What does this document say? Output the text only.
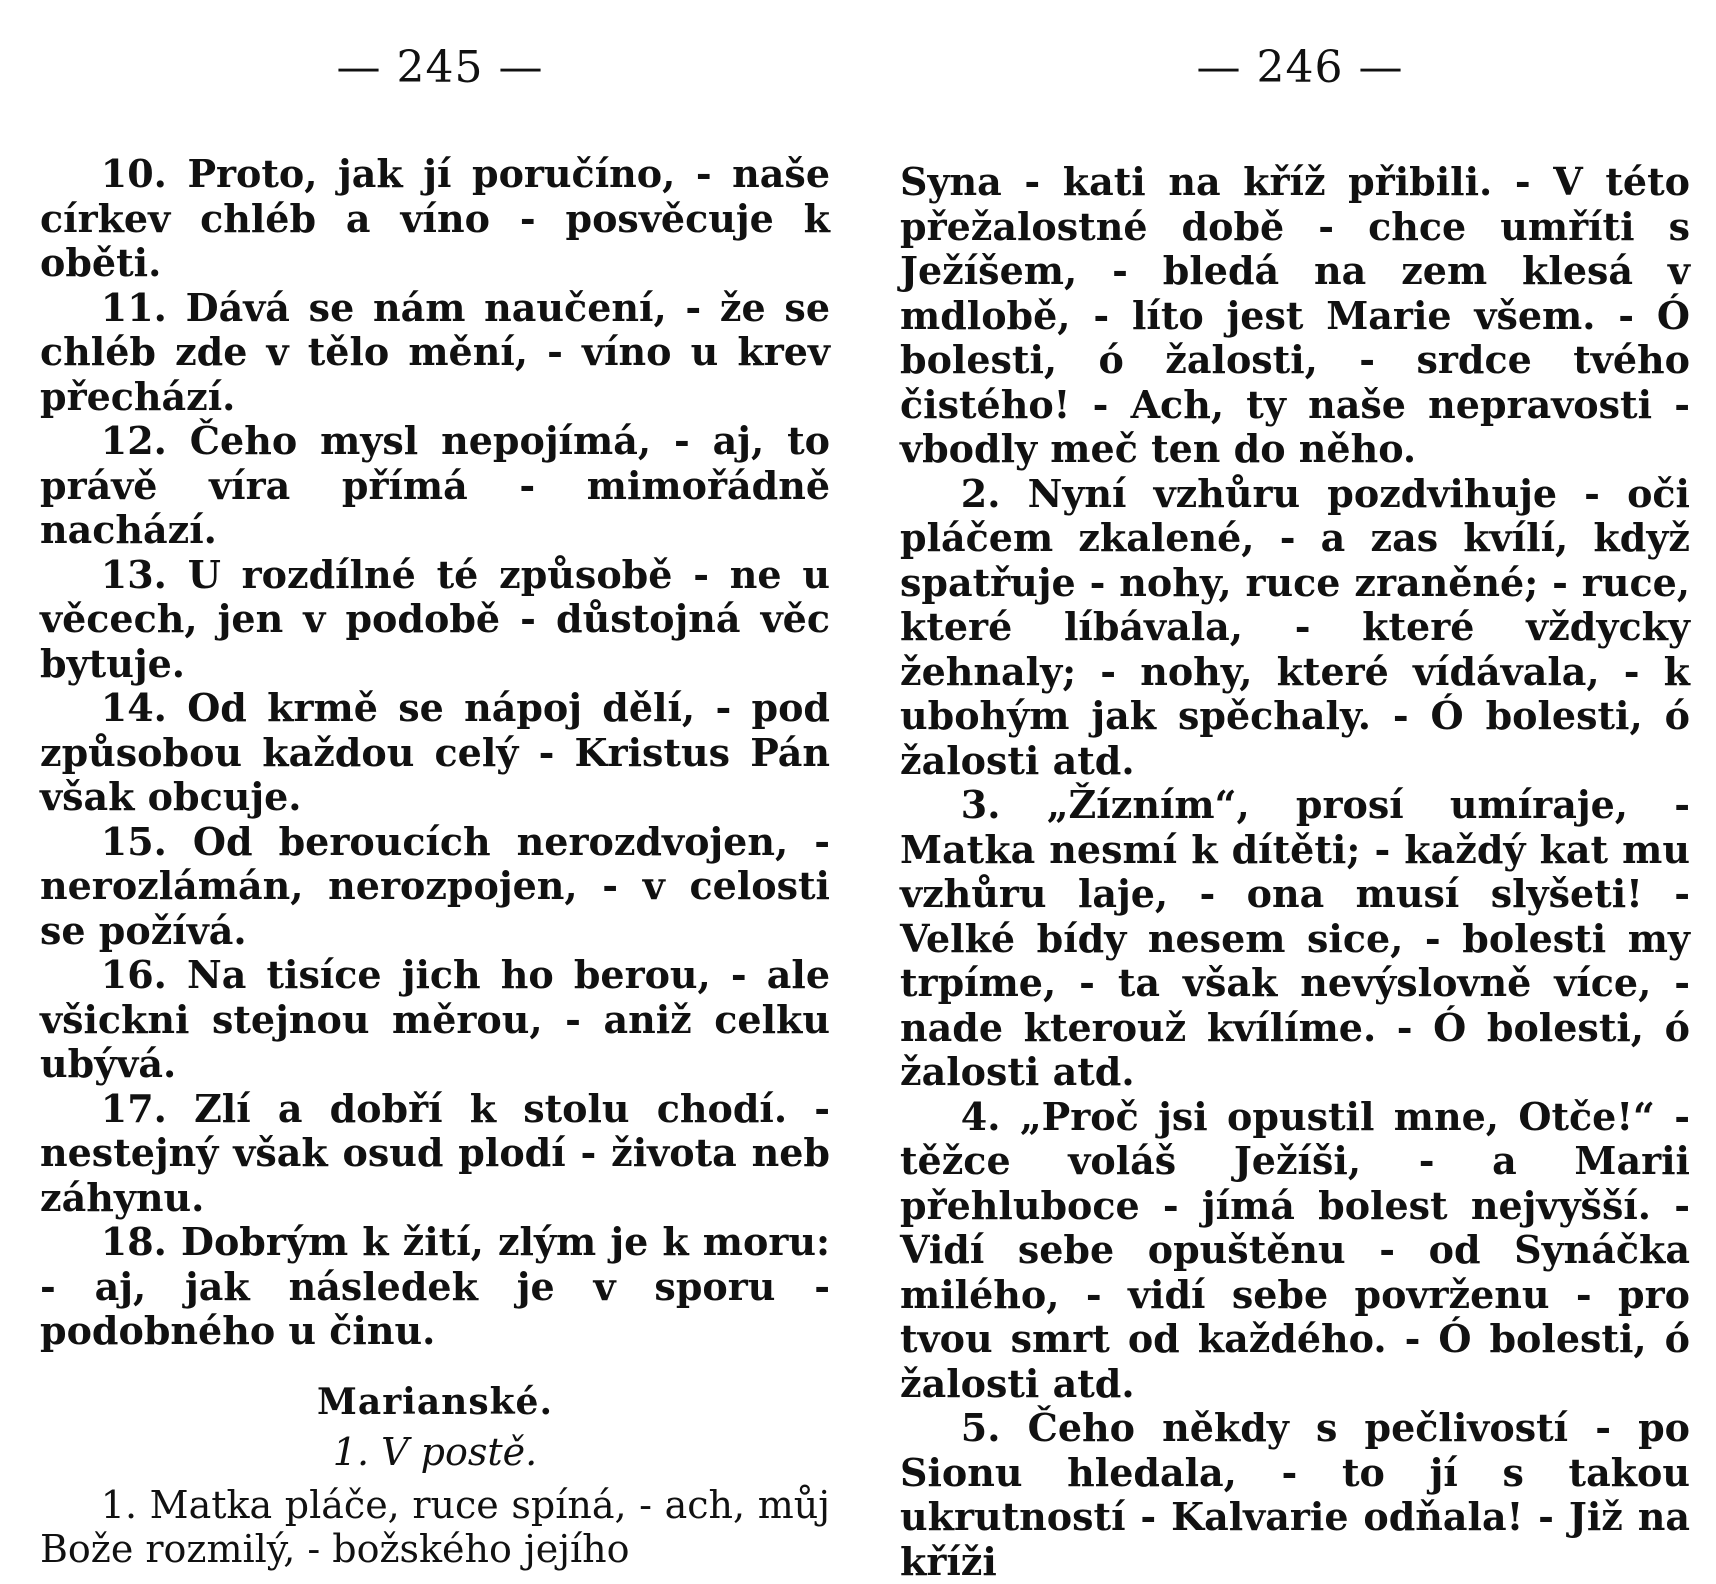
— 245 —

10. Proto, jak jí poručíno, - naše církev chléb a víno - posvěcuje k oběti.

11. Dává se nám naučení, - že se chléb zde v tělo mění, - víno u krev přechází.

12. Čeho mysl nepojímá, - aj, to právě víra přímá - mimořádně nachází.

13. U rozdílné té způsobě - ne u věcech, jen v podobě - důstojná věc bytuje.

14. Od krmě se nápoj dělí, - pod způsobou každou celý - Kristus Pán však obcuje.

15. Od beroucích nerozdvojen, - nerozlámán, nerozpojen, - v celosti se požívá.

16. Na tisíce jich ho berou, - ale všickni stejnou měrou, - aniž celku ubývá.

17. Zlí a dobří k stolu chodí. - nestejný však osud plodí - života neb záhynu.

18. Dobrým k žití, zlým je k moru: - aj, jak následek je v sporu - podobného u činu.

Marianské.
1. V postě.

1. Matka pláče, ruce spíná, - ach, můj Bože rozmilý, - božského jejího

— 246 —

Syna - kati na kříž přibili. - V této přežalostné době - chce umříti s Ježíšem, - bledá na zem klesá v mdlobě, - líto jest Marie všem. - Ó bolesti, ó žalosti, - srdce tvého čistého! - Ach, ty naše nepravosti - vbodly meč ten do něho.

2. Nyní vzhůru pozdvihuje - oči pláčem zkalené, - a zas kvílí, když spatřuje - nohy, ruce zraněné; - ruce, které líbávala, - které vždycky žehnaly; - nohy, které vídávala, - k ubohým jak spěchaly. - Ó bolesti, ó žalosti atd.

3. „Žízním“, prosí umíraje, - Matka nesmí k dítěti; - každý kat mu vzhůru laje, - ona musí slyšeti! - Velké bídy nesem sice, - bolesti my trpíme, - ta však nevýslovně více, - nade kterouž kvílíme. - Ó bolesti, ó žalosti atd.

4. „Proč jsi opustil mne, Otče!“ - těžce voláš Ježíši, - a Marii přehluboce - jímá bolest nejvyšší. - Vidí sebe opuštěnu - od Synáčka milého, - vidí sebe povrženu - pro tvou smrt od každého. - Ó bolesti, ó žalosti atd.

5. Čeho někdy s pečlivostí - po Sionu hledala, - to jí s takou ukrutností - Kalvarie odňala! - Již na kříži
